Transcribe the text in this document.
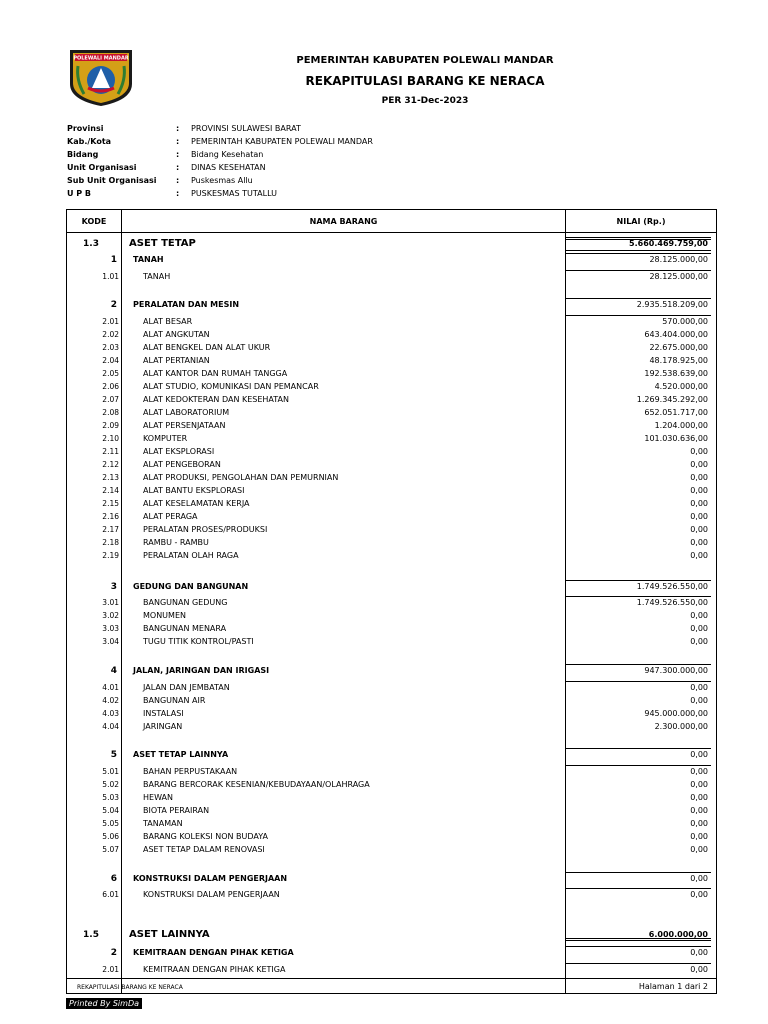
POLEWALI MANDAR	PEMERINTAH KABUPATEN POLEWALI MANDAR
REKAPITULASI BARANG KE NERACA
PER 31-Dec-2023
Provinsi	: PROVINSI SULAWESI BARAT
Kab./Kota	: PEMERINTAH KABUPATEN POLEWALI MANDAR
Bidang	: Bidang Kesehatan
Unit Organisasi	: DINAS KESEHATAN
Sub Unit Organisasi : Puskesmas Allu
U P B	: PUSKESMAS TUTALLU
KODE	NAMA BARANG	NILAI (Rp.)
1.3	ASET TETAP	5.660.469.759,00
1 TANAH	28.125.000,00
1.01	TANAH	28.125.000,00
2 PERALATAN DAN MESIN	2.935.518.209,00
2.01	ALAT BESAR	570.000,00
2.02	ALAT ANGKUTAN	643.404.000,00
2.03	ALAT BENGKEL DAN ALAT UKUR	22.675.000,00
2.04	ALAT PERTANIAN	48.178.925,00
2.05	ALAT KANTOR DAN RUMAH TANGGA	192.538.639,00
2.06	ALAT STUDIO, KOMUNIKASI DAN PEMANCAR	4.520.000,00
2.07	ALAT KEDOKTERAN DAN KESEHATAN	1.269.345.292,00
2.08	ALAT LABORATORIUM	652.051.717,00
2.09	ALAT PERSENJATAAN	1.204.000,00
2.10	KOMPUTER	101.030.636,00
2.11	ALAT EKSPLORASI	0,00
2.12	ALAT PENGEBORAN	0,00
2.13	ALAT PRODUKSI, PENGOLAHAN DAN PEMURNIAN	0,00
2.14	ALAT BANTU EKSPLORASI	0,00
2.15	ALAT KESELAMATAN KERJA	0,00
2.16	ALAT PERAGA	0,00
2.17	PERALATAN PROSES/PRODUKSI	0,00
2.18	RAMBU - RAMBU	0,00
2.19	PERALATAN OLAH RAGA	0,00
3 GEDUNG DAN BANGUNAN	1.749.526.550,00
3.01	BANGUNAN GEDUNG	1.749.526.550,00
3.02	MONUMEN	0,00
3.03	BANGUNAN MENARA	0,00
3.04	TUGU TITIK KONTROL/PASTI	0,00
4 JALAN, JARINGAN DAN IRIGASI	947.300.000,00
4.01	JALAN DAN JEMBATAN	0,00
4.02	BANGUNAN AIR	0,00
4.03	INSTALASI	945.000.000,00
4.04	JARINGAN	2.300.000,00
5 ASET TETAP LAINNYA	0,00
5.01	BAHAN PERPUSTAKAAN	0,00
5.02	BARANG BERCORAK KESENIAN/KEBUDAYAAN/OLAHRAGA	0,00
5.03	HEWAN	0,00
5.04	BIOTA PERAIRAN	0,00
5.05	TANAMAN	0,00
5.06	BARANG KOLEKSI NON BUDAYA	0,00
5.07	ASET TETAP DALAM RENOVASI	0,00
6 KONSTRUKSI DALAM PENGERJAAN	0,00
6.01	KONSTRUKSI DALAM PENGERJAAN	0,00
1.5	ASET LAINNYA	6.000.000,00
2 KEMITRAAN DENGAN PIHAK KETIGA	0,00
2.01	KEMITRAAN DENGAN PIHAK KETIGA	0,00
REKAPITULASI BARANG KE NERACA	Halaman 1 dari 2
Printed By SimDa
